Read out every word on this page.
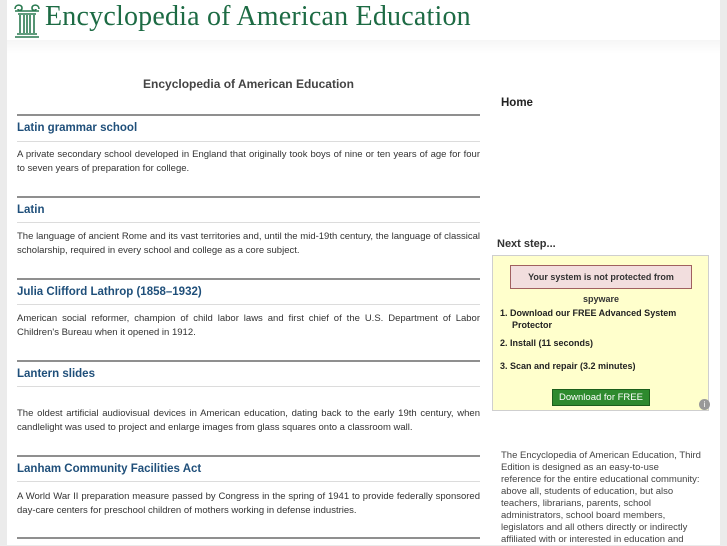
Encyclopedia of American Education
Encyclopedia of American Education
Latin grammar school
A private secondary school developed in England that originally took boys of nine or ten years of age for four to seven years of preparation for college.
Latin
The language of ancient Rome and its vast territories and, until the mid-19th century, the language of classical scholarship, required in every school and college as a core subject.
Julia Clifford Lathrop (1858–1932)
American social reformer, champion of child labor laws and first chief of the U.S. Department of Labor Children's Bureau when it opened in 1912.
Lantern slides
The oldest artificial audiovisual devices in American education, dating back to the early 19th century, when candlelight was used to project and enlarge images from glass squares onto a classroom wall.
Lanham Community Facilities Act
A World War II preparation measure passed by Congress in the spring of 1941 to provide federally sponsored day-care centers for preschool children of mothers working in defense industries.
Home
Next step...
Your system is not protected from spyware
1. Download our FREE Advanced System
Protector
2. Install (11 seconds)
3. Scan and repair (3.2 minutes)
Download for FREE
i
The Encyclopedia of American Education, Third Edition is designed as an easy-to-use reference for the entire educational community: above all, students of education, but also teachers, librarians, parents, school administrators, school board members, legislators and all others directly or indirectly affiliated with or interested in education and
